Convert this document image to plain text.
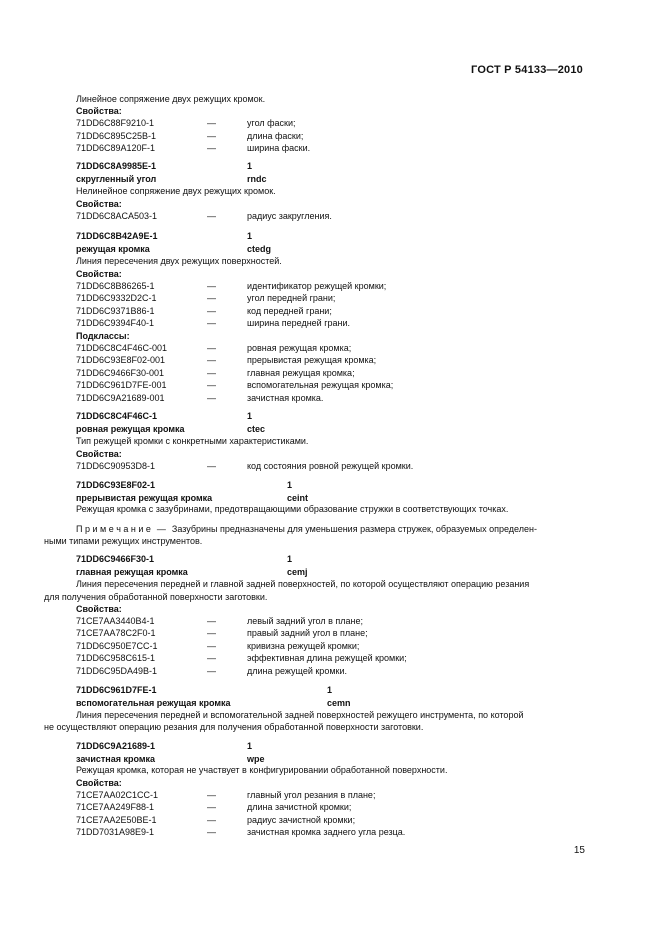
ГОСТ Р 54133—2010
15
Линейное сопряжение двух режущих кромок.
Свойства:
71DD6C88F9210-1	—	угол фаски;
71DD6C895C25B-1	—	длина фаски;
71DD6C89A120F-1	—	ширина фаски.
71DD6C8A9985E-1	1
скругленный угол	rndc
Нелинейное сопряжение двух режущих кромок.
Свойства:
71DD6C8ACA503-1	—	радиус закругления.
71DD6C8B42A9E-1	1
режущая кромка	ctedg
Линия пересечения двух режущих поверхностей.
Свойства:
71DD6C8B86265-1	—	идентификатор режущей кромки;
71DD6C9332D2C-1	—	угол передней грани;
71DD6C9371B86-1	—	код передней грани;
71DD6C9394F40-1	—	ширина передней грани.
Подклассы:
71DD6C8C4F46C-001	—	ровная режущая кромка;
71DD6C93E8F02-001	—	прерывистая режущая кромка;
71DD6C9466F30-001	—	главная режущая кромка;
71DD6C961D7FE-001	—	вспомогательная режущая кромка;
71DD6C9A21689-001	—	зачистная кромка.
71DD6C8C4F46C-1	1
ровная режущая кромка	ctec
Тип режущей кромки с конкретными характеристиками.
Свойства:
71DD6C90953D8-1	—	код состояния ровной режущей кромки.
71DD6C93E8F02-1	1
прерывистая режущая кромка	ceint
Режущая кромка с зазубринами, предотвращающими образование стружки в соответствующих точках.
П р и м е ч а н и е — Зазубрины предназначены для уменьшения размера стружек, образуемых определен-
ными типами режущих инструментов.
71DD6C9466F30-1	1
главная режущая кромка	cemj
Линия пересечения передней и главной задней поверхностей, по которой осуществляют операцию резания
для получения обработанной поверхности заготовки.
Свойства:
71CE7AA3440B4-1	—	левый задний угол в плане;
71CE7AA78C2F0-1	—	правый задний угол в плане;
71DD6C950E7CC-1	—	кривизна режущей кромки;
71DD6C958C615-1	—	эффективная длина режущей кромки;
71DD6C95DA49B-1	—	длина режущей кромки.
71DD6C961D7FE-1	1
вспомогательная режущая кромка	cemn
Линия пересечения передней и вспомогательной задней поверхностей режущего инструмента, по которой
не осуществляют операцию резания для получения обработанной поверхности заготовки.
71DD6C9A21689-1	1
зачистная кромка	wpe
Режущая кромка, которая не участвует в конфигурировании обработанной поверхности.
Свойства:
71CE7AA02C1CC-1	—	главный угол резания в плане;
71CE7AA249F88-1	—	длина зачистной кромки;
71CE7AA2E50BE-1	—	радиус зачистной кромки;
71DD7031A98E9-1	—	зачистная кромка заднего угла резца.
